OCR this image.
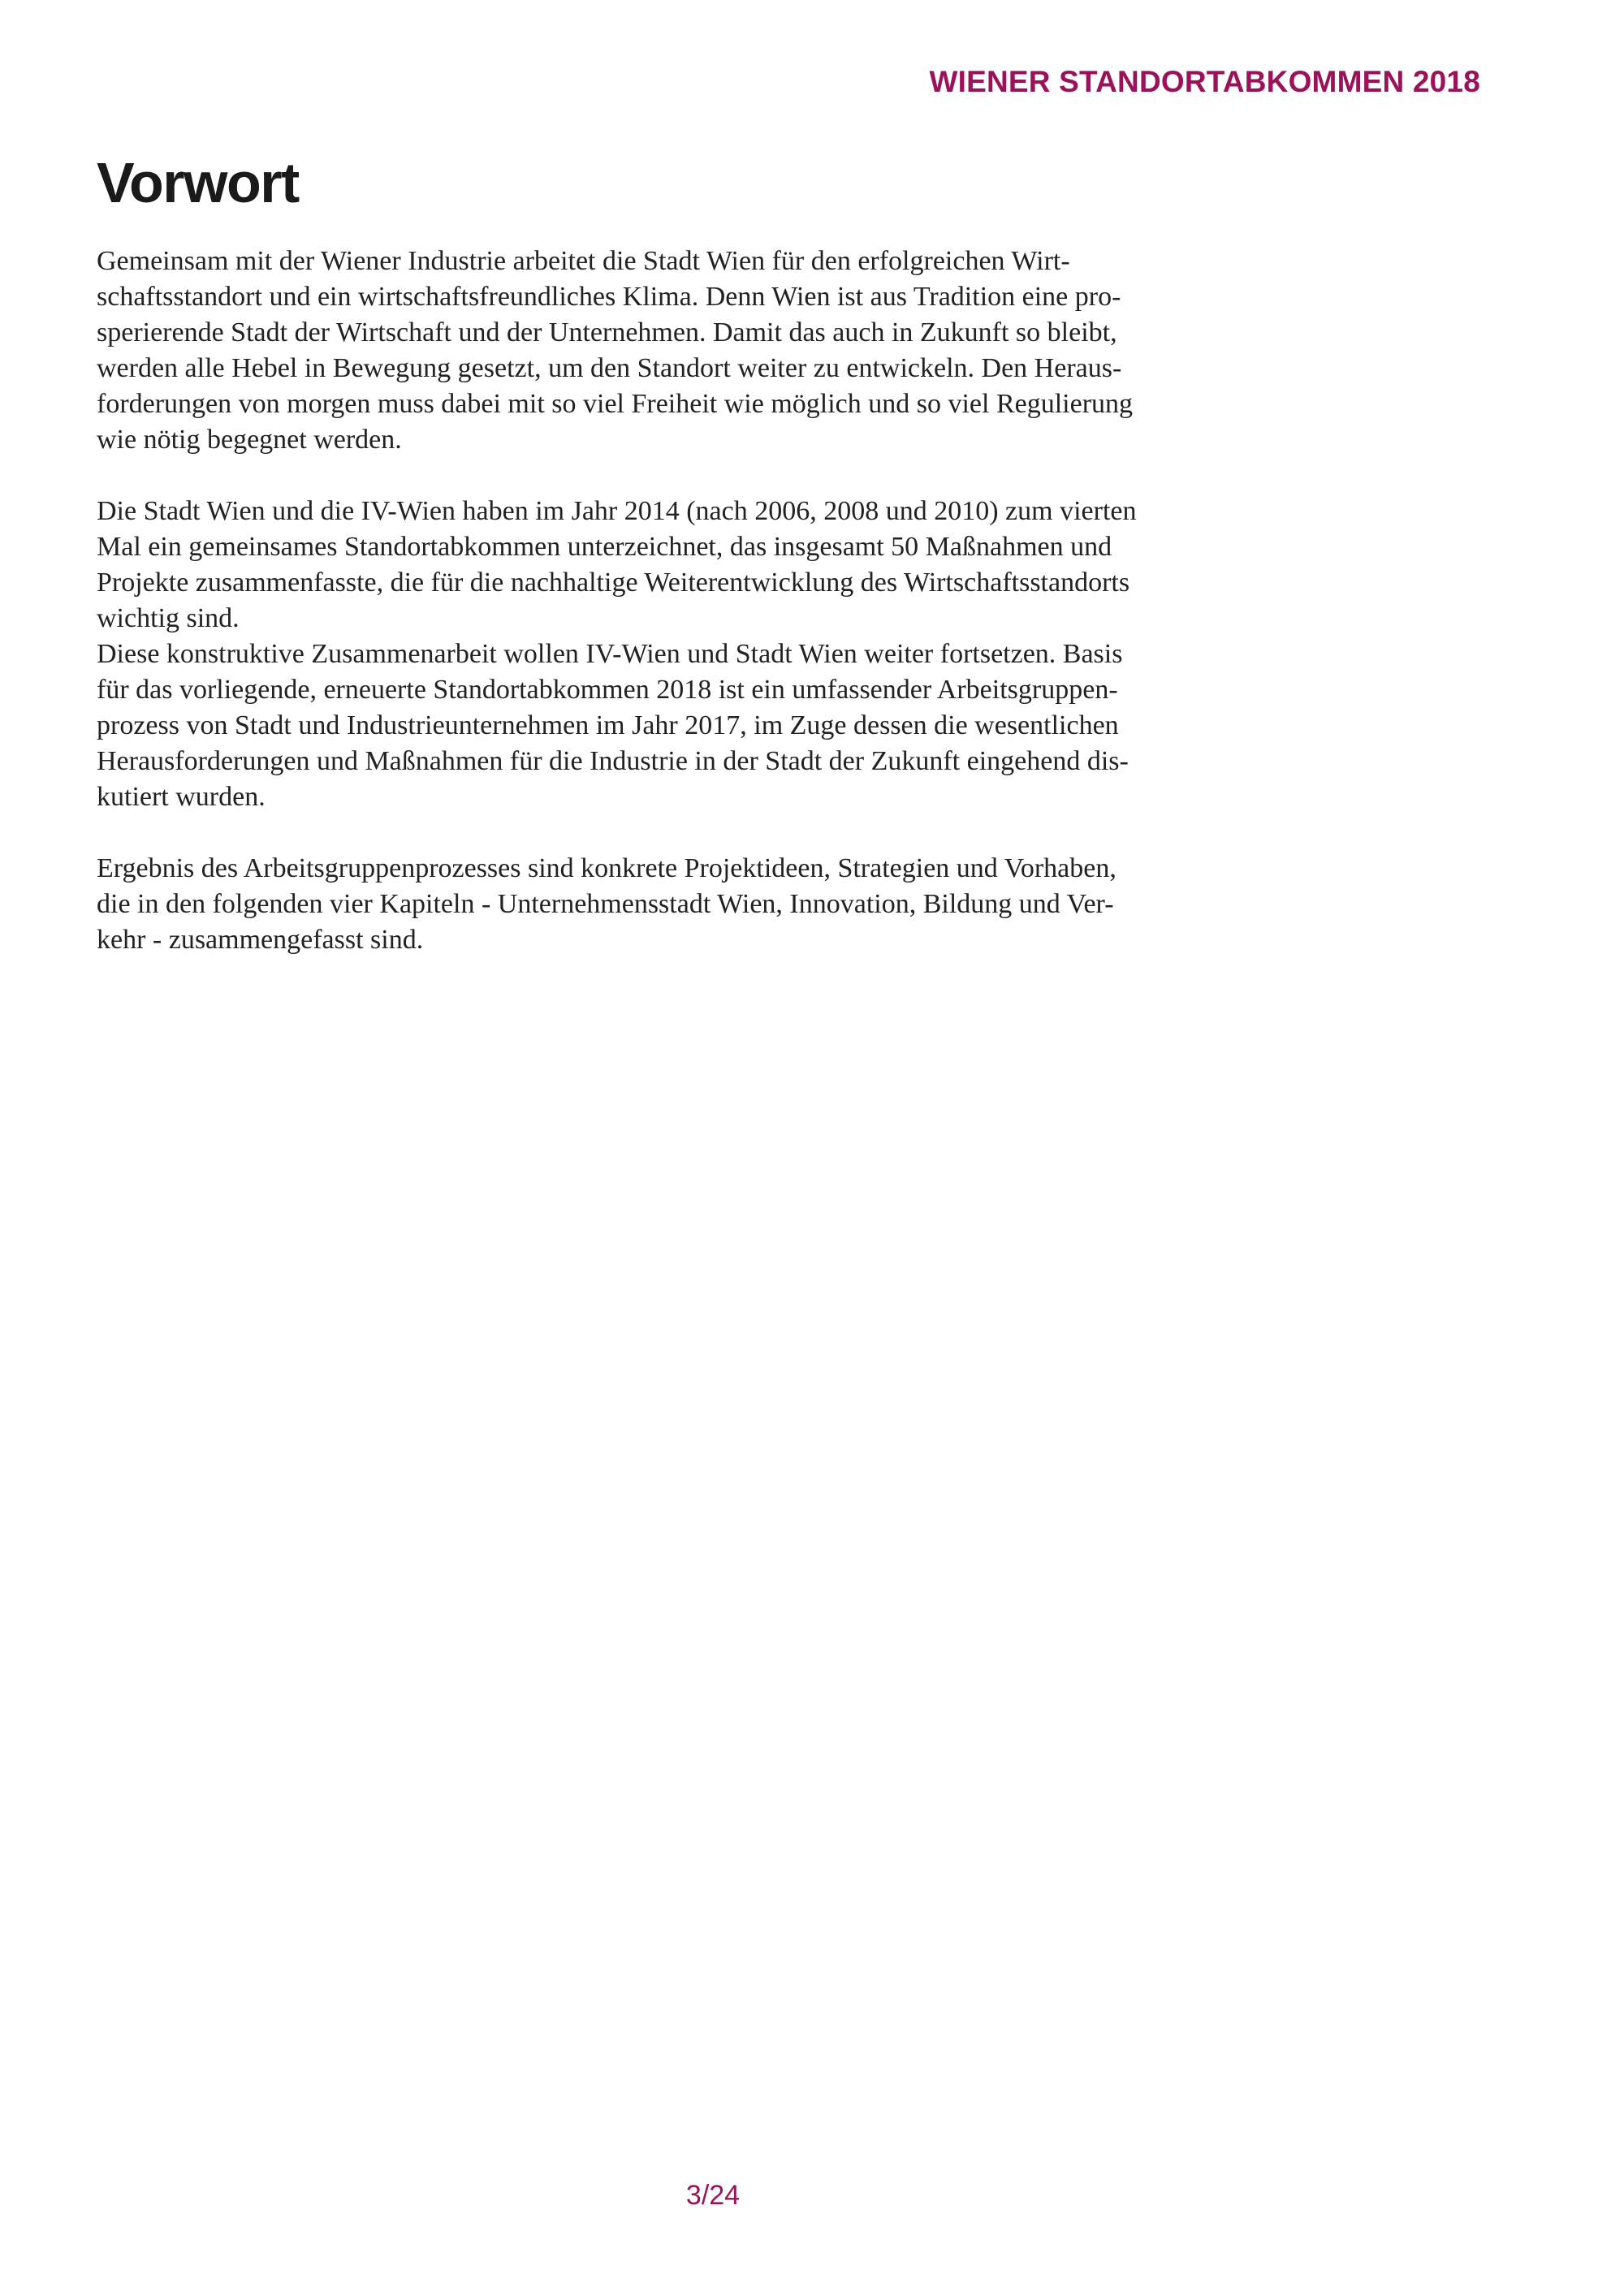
WIENER STANDORTABKOMMEN 2018
Vorwort

Gemeinsam mit der Wiener Industrie arbeitet die Stadt Wien für den erfolgreichen Wirt-
schaftsstandort und ein wirtschaftsfreundliches Klima. Denn Wien ist aus Tradition eine pro-
sperierende Stadt der Wirtschaft und der Unternehmen. Damit das auch in Zukunft so bleibt,
werden alle Hebel in Bewegung gesetzt, um den Standort weiter zu entwickeln. Den Heraus-
forderungen von morgen muss dabei mit so viel Freiheit wie möglich und so viel Regulierung
wie nötig begegnet werden.

Die Stadt Wien und die IV-Wien haben im Jahr 2014 (nach 2006, 2008 und 2010) zum vierten
Mal ein gemeinsames Standortabkommen unterzeichnet, das insgesamt 50 Maßnahmen und
Projekte zusammenfasste, die für die nachhaltige Weiterentwicklung des Wirtschaftsstandorts
wichtig sind.

Diese konstruktive Zusammenarbeit wollen IV-Wien und Stadt Wien weiter fortsetzen. Basis
für das vorliegende, erneuerte Standortabkommen 2018 ist ein umfassender Arbeitsgruppen-
prozess von Stadt und Industrieunternehmen im Jahr 2017, im Zuge dessen die wesentlichen
Herausforderungen und Maßnahmen für die Industrie in der Stadt der Zukunft eingehend dis-
kutiert wurden.

Ergebnis des Arbeitsgruppenprozesses sind konkrete Projektideen, Strategien und Vorhaben,
die in den folgenden vier Kapiteln - Unternehmensstadt Wien, Innovation, Bildung und Ver-
kehr - zusammengefasst sind.

3/24
